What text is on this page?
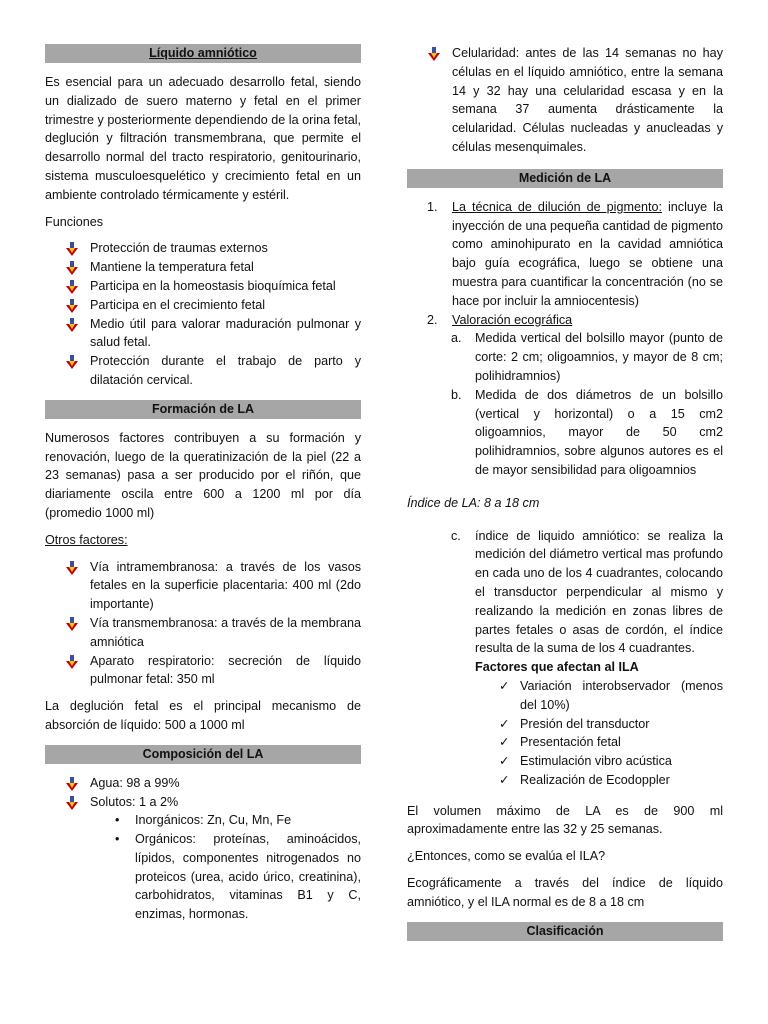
Líquido amniótico

Es esencial para un adecuado desarrollo fetal, siendo un dializado de suero materno y fetal en el primer trimestre y posteriormente dependiendo de la orina fetal, deglución y filtración transmembrana, que permite el desarrollo normal del tracto respiratorio, genitourinario, sistema musculoesquelético y crecimiento fetal en un ambiente controlado térmicamente y estéril.

Funciones
Protección de traumas externos
Mantiene la temperatura fetal
Participa en la homeostasis bioquímica fetal
Participa en el crecimiento fetal
Medio útil para valorar maduración pulmonar y salud fetal.
Protección durante el trabajo de parto y dilatación cervical.
Formación de LA

Numerosos factores contribuyen a su formación y renovación, luego de la queratinización de la piel (22 a 23 semanas) pasa a ser producido por el riñón, que diariamente oscila entre 600 a 1200 ml por día (promedio 1000 ml)

Otros factores:
Vía intramembranosa: a través de los vasos fetales en la superficie placentaria: 400 ml (2do importante)
Vía transmembranosa: a través de la membrana amniótica
Aparato respiratorio: secreción de líquido pulmonar fetal: 350 ml

La deglución fetal es el principal mecanismo de absorción de líquido: 500 a 1000 ml

Composición del LA
Agua: 98 a 99%
Solutos: 1 a 2%
• Inorgánicos: Zn, Cu, Mn, Fe
• Orgánicos: proteínas, aminoácidos, lípidos, componentes nitrogenados no proteicos (urea, acido úrico, creatinina), carbohidratos, vitaminas B1 y C, enzimas, hormonas.
Celularidad: antes de las 14 semanas no hay células en el líquido amniótico, entre la semana 14 y 32 hay una celularidad escasa y en la semana 37 aumenta drásticamente la celularidad. Células nucleadas y anucleadas y células mesenquimales.
Medición de LA
1. La técnica de dilución de pigmento: incluye la inyección de una pequeña cantidad de pigmento como aminohipurato en la cavidad amniótica bajo guía ecográfica, luego se obtiene una muestra para cuantificar la concentración (no se hace por incluir la amniocentesis)
2. Valoración ecográfica
a. Medida vertical del bolsillo mayor (punto de corte: 2 cm; oligoamnios, y mayor de 8 cm; polihidramnios)
b. Medida de dos diámetros de un bolsillo (vertical y horizontal) o a 15 cm2 oligoamnios, mayor de 50 cm2 polihidramnios, sobre algunos autores es el de mayor sensibilidad para oligoamnios

Índice de LA: 8 a 18 cm

c. índice de liquido amniótico: se realiza la medición del diámetro vertical mas profundo en cada uno de los 4 cuadrantes, colocando el transductor perpendicular al mismo y realizando la medición en zonas libres de partes fetales o asas de cordón, el índice resulta de la suma de los 4 cuadrantes.
Factores que afectan al ILA
✓ Variación interobservador (menos del 10%)
✓ Presión del transductor
✓ Presentación fetal
✓ Estimulación vibro acústica
✓ Realización de Ecodoppler

El volumen máximo de LA es de 900 ml aproximadamente entre las 32 y 25 semanas.

¿Entonces, como se evalúa el ILA?

Ecográficamente a través del índice de líquido amniótico, y el ILA normal es de 8 a 18 cm

Clasificación
